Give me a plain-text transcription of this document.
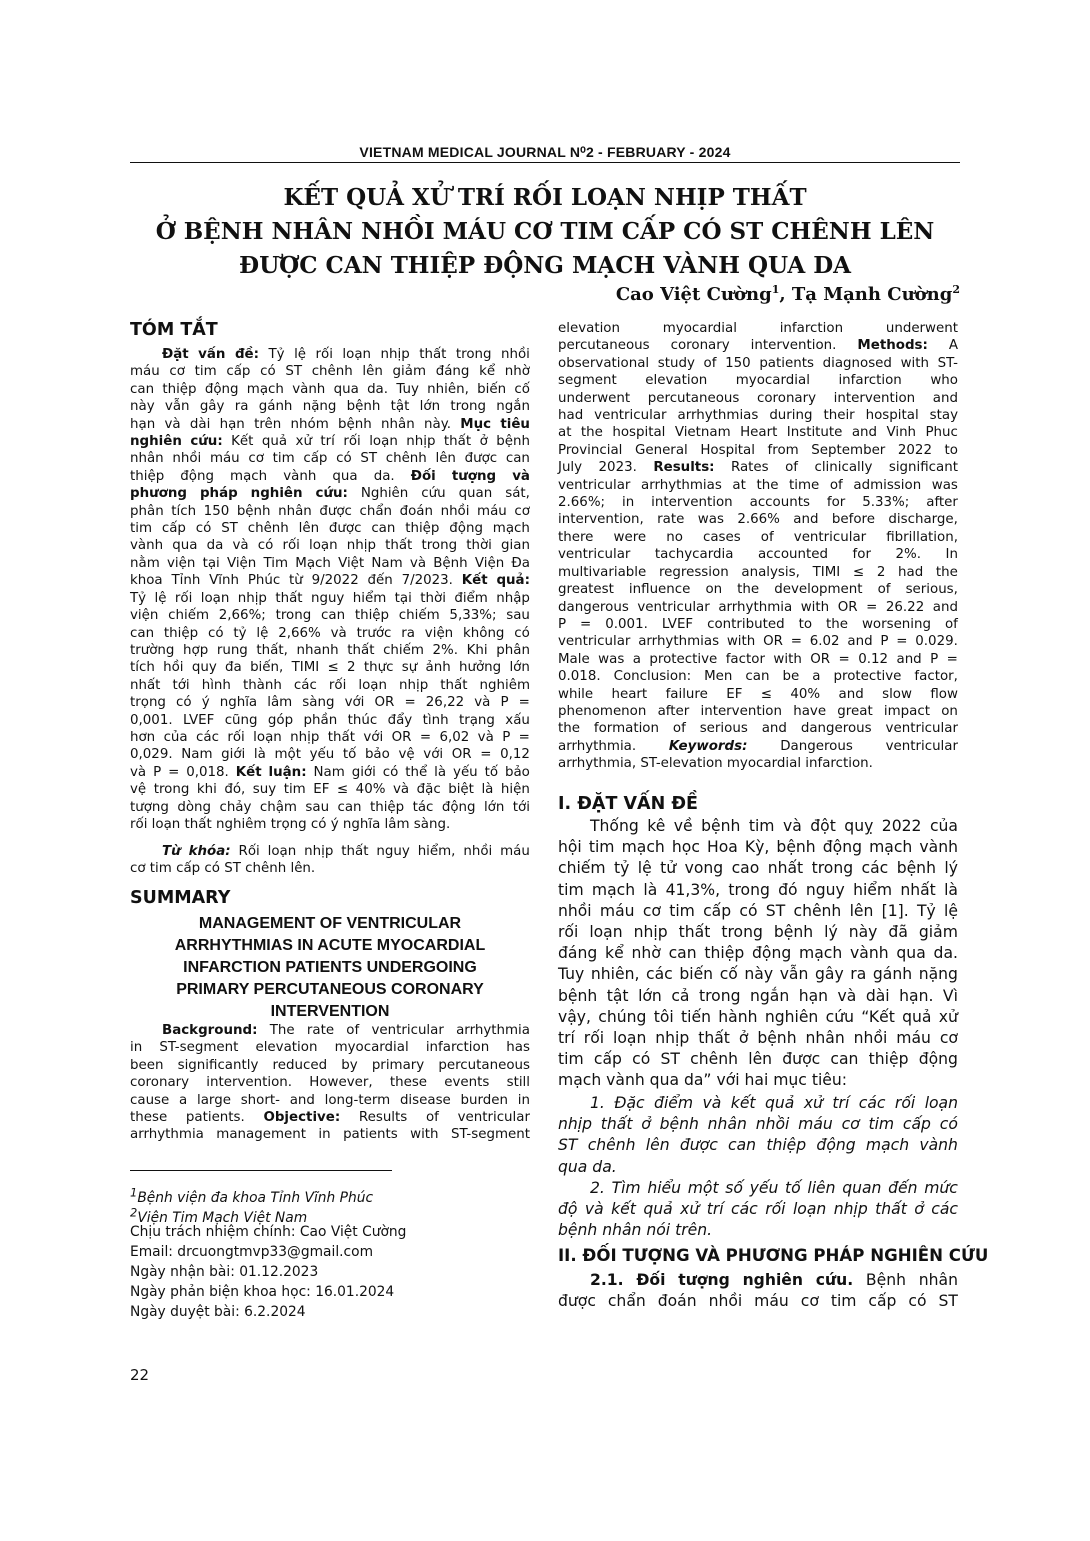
VIETNAM MEDICAL JOURNAL N⁰2 - FEBRUARY - 2024
KẾT QUẢ XỬ TRÍ RỐI LOẠN NHỊP THẤT
Ở BỆNH NHÂN NHỒI MÁU CƠ TIM CẤP CÓ ST CHÊNH LÊN
ĐƯỢC CAN THIỆP ĐỘNG MẠCH VÀNH QUA DA
Cao Việt Cường$^1$, Tạ Mạnh Cường$^2$
TÓM TẮT
Đặt vấn đề: Tỷ lệ rối loạn nhịp thất trong nhồi
máu cơ tim cấp có ST chênh lên giảm đáng kể nhờ
can thiệp động mạch vành qua da. Tuy nhiên, biến cố
này vẫn gây ra gánh nặng bệnh tật lớn trong ngắn
hạn và dài hạn trên nhóm bệnh nhân này. Mục tiêu
nghiên cứu: Kết quả xử trí rối loạn nhịp thất ở bệnh
nhân nhồi máu cơ tim cấp có ST chênh lên được can
thiệp động mạch vành qua da. Đối tượng và
phương pháp nghiên cứu: Nghiên cứu quan sát,
phân tích 150 bệnh nhân được chẩn đoán nhồi máu cơ
tim cấp có ST chênh lên được can thiệp động mạch
vành qua da và có rối loạn nhịp thất trong thời gian
nằm viện tại Viện Tim Mạch Việt Nam và Bệnh Viện Đa
khoa Tỉnh Vĩnh Phúc từ 9/2022 đến 7/2023. Kết quả:
Tỷ lệ rối loạn nhịp thất nguy hiểm tại thời điểm nhập
viện chiếm 2,66%; trong can thiệp chiếm 5,33%; sau
can thiệp có tỷ lệ 2,66% và trước ra viện không có
trường hợp rung thất, nhanh thất chiếm 2%. Khi phân
tích hồi quy đa biến, TIMI ≤ 2 thực sự ảnh hưởng lớn
nhất tới hình thành các rối loạn nhịp thất nghiêm
trọng có ý nghĩa lâm sàng với OR = 26,22 và P =
0,001. LVEF cũng góp phần thúc đẩy tình trạng xấu
hơn của các rối loạn nhịp thất với OR = 6,02 và P =
0,029. Nam giới là một yếu tố bảo vệ với OR = 0,12
và P = 0,018. Kết luận: Nam giới có thể là yếu tố bảo
vệ trong khi đó, suy tim EF ≤ 40% và đặc biệt là hiện
tượng dòng chảy chậm sau can thiệp tác động lớn tới
rối loạn thất nghiêm trọng có ý nghĩa lâm sàng.
Từ khóa: Rối loạn nhịp thất nguy hiểm, nhồi máu
cơ tim cấp có ST chênh lên.
SUMMARY
MANAGEMENT OF VENTRICULAR
ARRHYTHMIAS IN ACUTE MYOCARDIAL
INFARCTION PATIENTS UNDERGOING
PRIMARY PERCUTANEOUS CORONARY
INTERVENTION
Background: The rate of ventricular arrhythmia
in ST-segment elevation myocardial infarction has
been significantly reduced by primary percutaneous
coronary intervention. However, these events still
cause a large short- and long-term disease burden in
these patients. Objective: Results of ventricular
arrhythmia management in patients with ST-segment
$^1$Bệnh viện đa khoa Tỉnh Vĩnh Phúc
$^2$Viện Tim Mạch Việt Nam
Chịu trách nhiệm chính: Cao Việt Cường
Email: drcuongtmvp33@gmail.com
Ngày nhận bài: 01.12.2023
Ngày phản biện khoa học: 16.01.2024
Ngày duyệt bài: 6.2.2024
22
elevation	myocardial	infarction	underwent
percutaneous coronary intervention. Methods: A
observational study of 150 patients diagnosed with ST-
segment elevation myocardial infarction who
underwent percutaneous coronary intervention and
had ventricular arrhythmias during their hospital stay
at the hospital Vietnam Heart Institute and Vinh Phuc
Provincial General Hospital from September 2022 to
July 2023. Results: Rates of clinically significant
ventricular arrhythmias at the time of admission was
2.66%; in intervention accounts for 5.33%; after
intervention, rate was 2.66% and before discharge,
there were no cases of ventricular fibrillation,
ventricular tachycardia accounted for 2%. In
multivariable regression analysis, TIMI ≤ 2 had the
greatest influence on the development of serious,
dangerous ventricular arrhythmia with OR = 26.22 and
P = 0.001. LVEF contributed to the worsening of
ventricular arrhythmias with OR = 6.02 and P = 0.029.
Male was a protective factor with OR = 0.12 and P =
0.018. Conclusion: Men can be a protective factor,
while heart failure EF ≤ 40% and slow flow
phenomenon after intervention have great impact on
the formation of serious and dangerous ventricular
arrhythmia. Keywords: Dangerous ventricular
arrhythmia, ST-elevation myocardial infarction.
I. ĐẶT VẤN ĐỀ
Thống kê về bệnh tim và đột quỵ 2022 của
hội tim mạch học Hoa Kỳ, bệnh động mạch vành
chiếm tỷ lệ tử vong cao nhất trong các bệnh lý
tim mạch là 41,3%, trong đó nguy hiểm nhất là
nhồi máu cơ tim cấp có ST chênh lên [1]. Tỷ lệ
rối loạn nhịp thất trong bệnh lý này đã giảm
đáng kể nhờ can thiệp động mạch vành qua da.
Tuy nhiên, các biến cố này vẫn gây ra gánh nặng
bệnh tật lớn cả trong ngắn hạn và dài hạn. Vì
vậy, chúng tôi tiến hành nghiên cứu “Kết quả xử
trí rối loạn nhịp thất ở bệnh nhân nhồi máu cơ
tim cấp có ST chênh lên được can thiệp động
mạch vành qua da” với hai mục tiêu:
1. Đặc điểm và kết quả xử trí các rối loạn
nhịp thất ở bệnh nhân nhồi máu cơ tim cấp có
ST chênh lên được can thiệp động mạch vành
qua da.
2. Tìm hiểu một số yếu tố liên quan đến mức
độ và kết quả xử trí các rối loạn nhịp thất ở các
bệnh nhân nói trên.
II. ĐỐI TƯỢNG VÀ PHƯƠNG PHÁP NGHIÊN CỨU
2.1. Đối tượng nghiên cứu. Bệnh nhân
được chẩn đoán nhồi máu cơ tim cấp có ST
